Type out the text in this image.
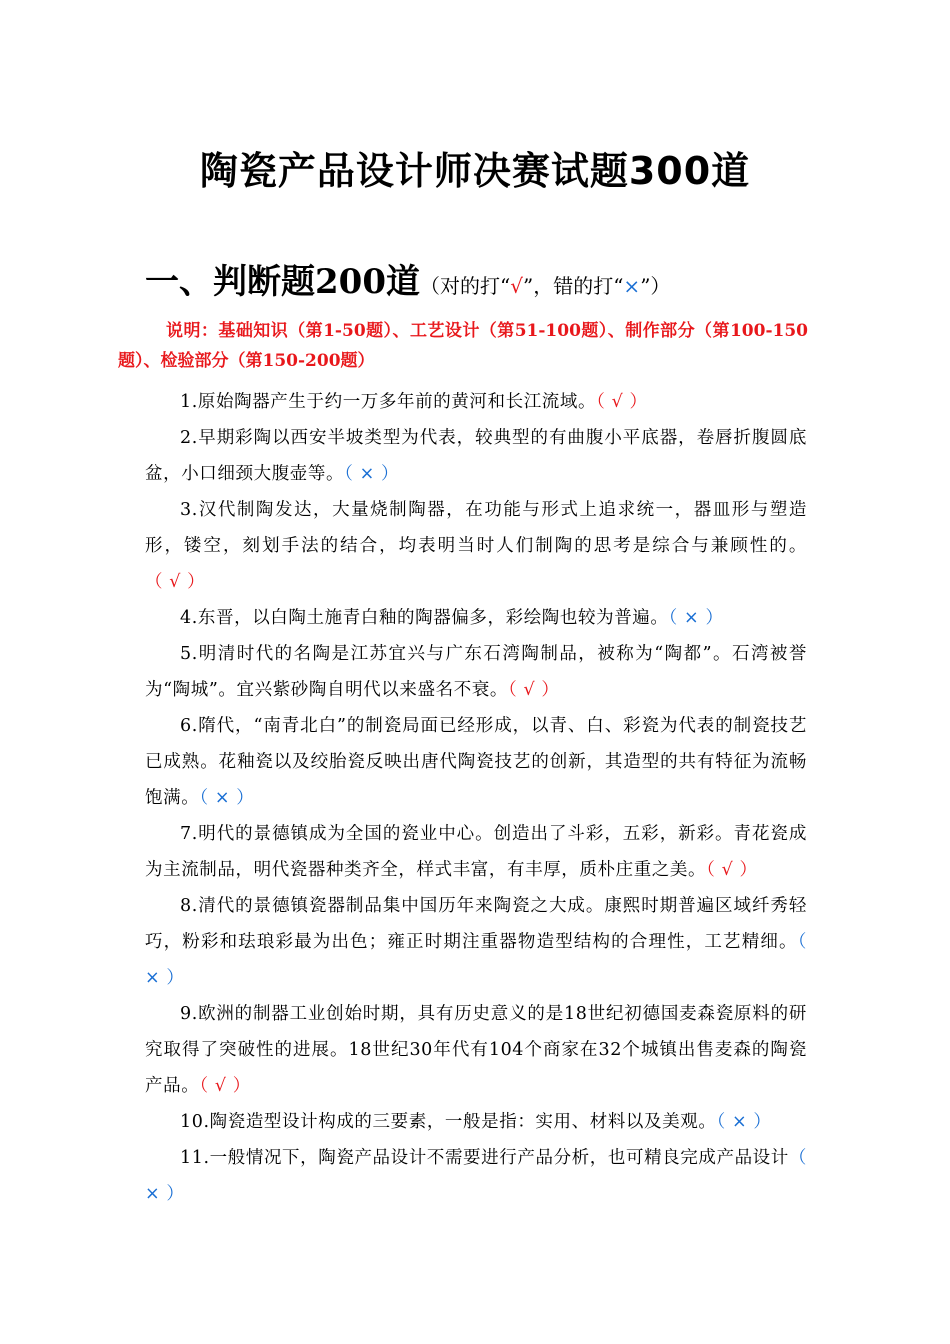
陶瓷产品设计师决赛试题300道
一、判断题200道（对的打“√”，错的打“×”）
说明：基础知识（第1-50题）、工艺设计（第51-100题）、制作部分（第100-150题）、检验部分（第150-200题）

1.原始陶器产生于约一万多年前的黄河和长江流域。（ √ ）

2.早期彩陶以西安半坡类型为代表，较典型的有曲腹小平底器，卷唇折腹圆底盆，小口细颈大腹壶等。（ × ）

3.汉代制陶发达，大量烧制陶器，在功能与形式上追求统一，器皿形与塑造形，镂空，刻划手法的结合，均表明当时人们制陶的思考是综合与兼顾性的。（ √ ）

4.东晋，以白陶土施青白釉的陶器偏多，彩绘陶也较为普遍。（ × ）

5.明清时代的名陶是江苏宜兴与广东石湾陶制品，被称为“陶都”。石湾被誉为“陶城”。宜兴紫砂陶自明代以来盛名不衰。（ √ ）

6.隋代，“南青北白”的制瓷局面已经形成，以青、白、彩瓷为代表的制瓷技艺已成熟。花釉瓷以及绞胎瓷反映出唐代陶瓷技艺的创新，其造型的共有特征为流畅饱满。（ × ）

7.明代的景德镇成为全国的瓷业中心。创造出了斗彩，五彩，新彩。青花瓷成为主流制品，明代瓷器种类齐全，样式丰富，有丰厚，质朴庄重之美。（ √ ）

8.清代的景德镇瓷器制品集中国历年来陶瓷之大成。康熙时期普遍区域纤秀轻巧，粉彩和珐琅彩最为出色；雍正时期注重器物造型结构的合理性，工艺精细。（ × ）

9.欧洲的制器工业创始时期，具有历史意义的是18世纪初德国麦森瓷原料的研究取得了突破性的进展。18世纪30年代有104个商家在32个城镇出售麦森的陶瓷产品。（ √ ）

10.陶瓷造型设计构成的三要素，一般是指：实用、材料以及美观。（ × ）

11.一般情况下，陶瓷产品设计不需要进行产品分析，也可精良完成产品设计（ × ）
